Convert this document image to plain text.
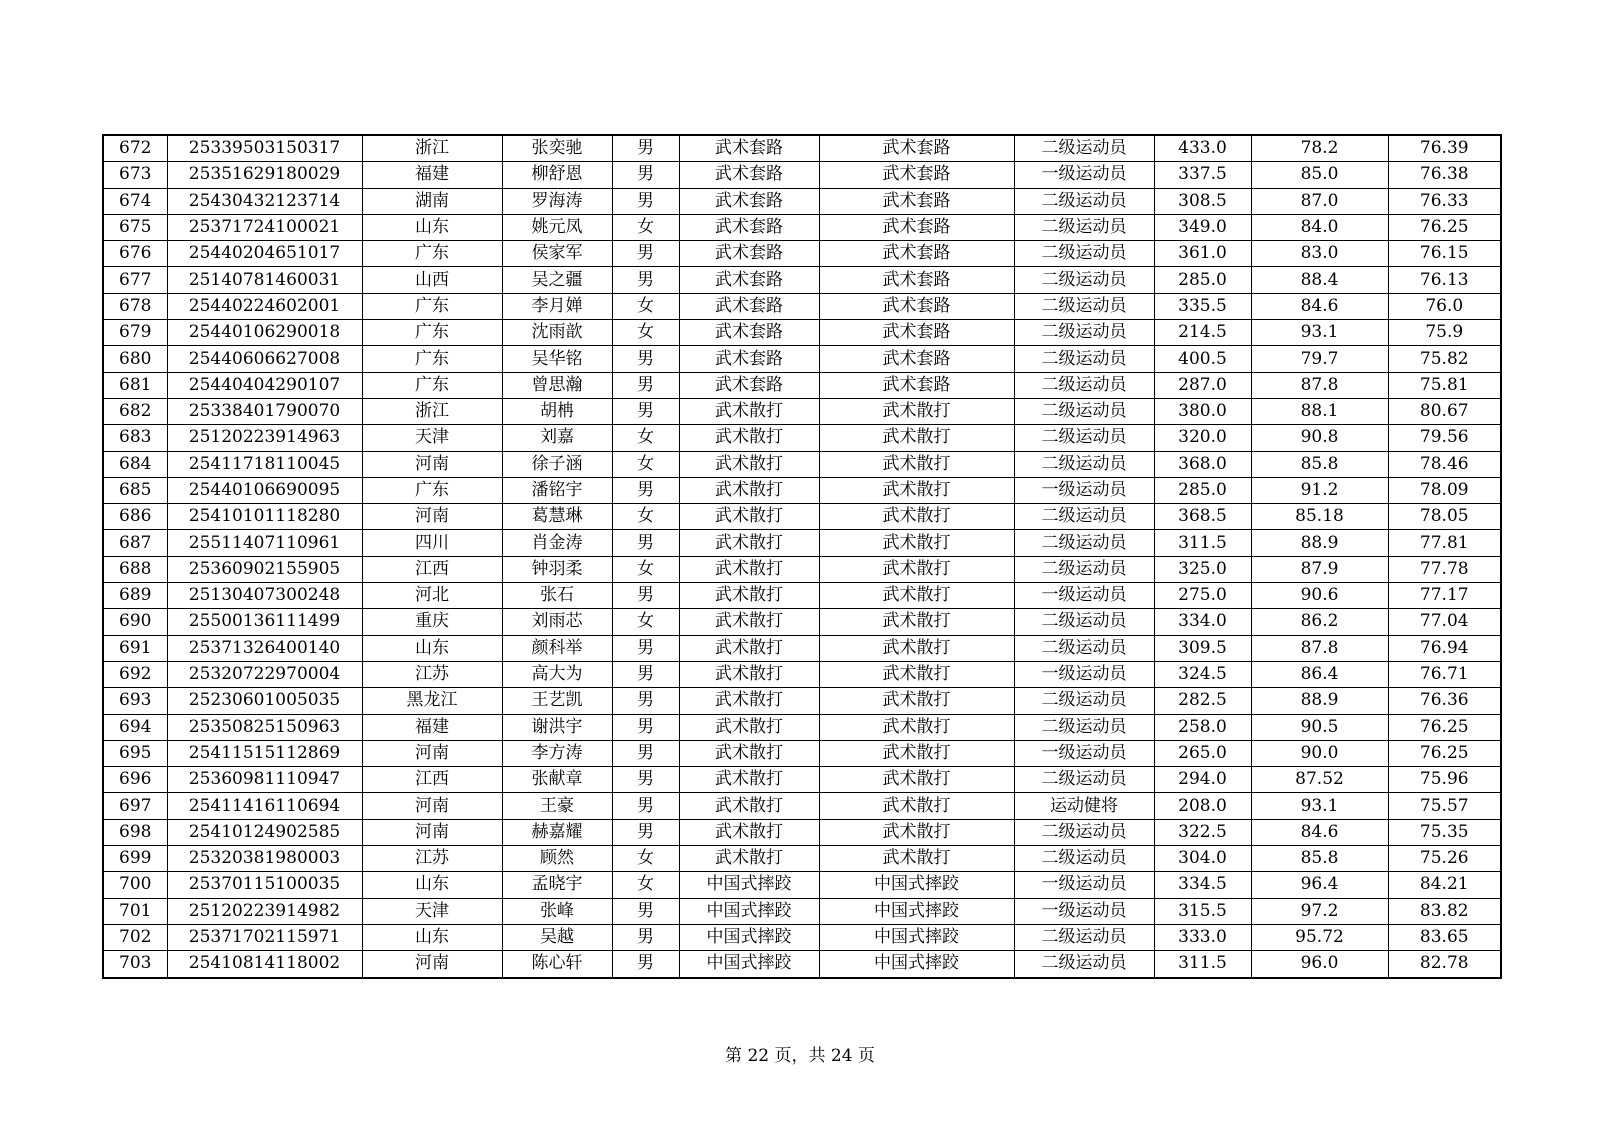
672	25339503150317	浙江	张奕驰	男	武术套路	武术套路	二级运动员	433.0	78.2	76.39
673	25351629180029	福建	柳舒恩	男	武术套路	武术套路	一级运动员	337.5	85.0	76.38
674	25430432123714	湖南	罗海涛	男	武术套路	武术套路	二级运动员	308.5	87.0	76.33
675	25371724100021	山东	姚元凤	女	武术套路	武术套路	二级运动员	349.0	84.0	76.25
676	25440204651017	广东	侯家军	男	武术套路	武术套路	二级运动员	361.0	83.0	76.15
677	25140781460031	山西	吴之疆	男	武术套路	武术套路	二级运动员	285.0	88.4	76.13
678	25440224602001	广东	李月婵	女	武术套路	武术套路	二级运动员	335.5	84.6	76.0
679	25440106290018	广东	沈雨歆	女	武术套路	武术套路	二级运动员	214.5	93.1	75.9
680	25440606627008	广东	吴华铭	男	武术套路	武术套路	二级运动员	400.5	79.7	75.82
681	25440404290107	广东	曾思瀚	男	武术套路	武术套路	二级运动员	287.0	87.8	75.81
682	25338401790070	浙江	胡柟	男	武术散打	武术散打	二级运动员	380.0	88.1	80.67
683	25120223914963	天津	刘嘉	女	武术散打	武术散打	二级运动员	320.0	90.8	79.56
684	25411718110045	河南	徐子涵	女	武术散打	武术散打	二级运动员	368.0	85.8	78.46
685	25440106690095	广东	潘铭宇	男	武术散打	武术散打	一级运动员	285.0	91.2	78.09
686	25410101118280	河南	葛慧琳	女	武术散打	武术散打	二级运动员	368.5	85.18	78.05
687	25511407110961	四川	肖金涛	男	武术散打	武术散打	二级运动员	311.5	88.9	77.81
688	25360902155905	江西	钟羽柔	女	武术散打	武术散打	二级运动员	325.0	87.9	77.78
689	25130407300248	河北	张石	男	武术散打	武术散打	一级运动员	275.0	90.6	77.17
690	25500136111499	重庆	刘雨芯	女	武术散打	武术散打	二级运动员	334.0	86.2	77.04
691	25371326400140	山东	颜科举	男	武术散打	武术散打	二级运动员	309.5	87.8	76.94
692	25320722970004	江苏	高大为	男	武术散打	武术散打	一级运动员	324.5	86.4	76.71
693	25230601005035	黑龙江	王艺凯	男	武术散打	武术散打	二级运动员	282.5	88.9	76.36
694	25350825150963	福建	谢洪宇	男	武术散打	武术散打	二级运动员	258.0	90.5	76.25
695	25411515112869	河南	李方涛	男	武术散打	武术散打	一级运动员	265.0	90.0	76.25
696	25360981110947	江西	张献章	男	武术散打	武术散打	二级运动员	294.0	87.52	75.96
697	25411416110694	河南	王豪	男	武术散打	武术散打	运动健将	208.0	93.1	75.57
698	25410124902585	河南	赫嘉耀	男	武术散打	武术散打	二级运动员	322.5	84.6	75.35
699	25320381980003	江苏	顾然	女	武术散打	武术散打	二级运动员	304.0	85.8	75.26
700	25370115100035	山东	孟晓宇	女	中国式摔跤	中国式摔跤	一级运动员	334.5	96.4	84.21
701	25120223914982	天津	张峰	男	中国式摔跤	中国式摔跤	一级运动员	315.5	97.2	83.82
702	25371702115971	山东	吴越	男	中国式摔跤	中国式摔跤	二级运动员	333.0	95.72	83.65
703	25410814118002	河南	陈心轩	男	中国式摔跤	中国式摔跤	二级运动员	311.5	96.0	82.78
第 22 页，共 24 页
